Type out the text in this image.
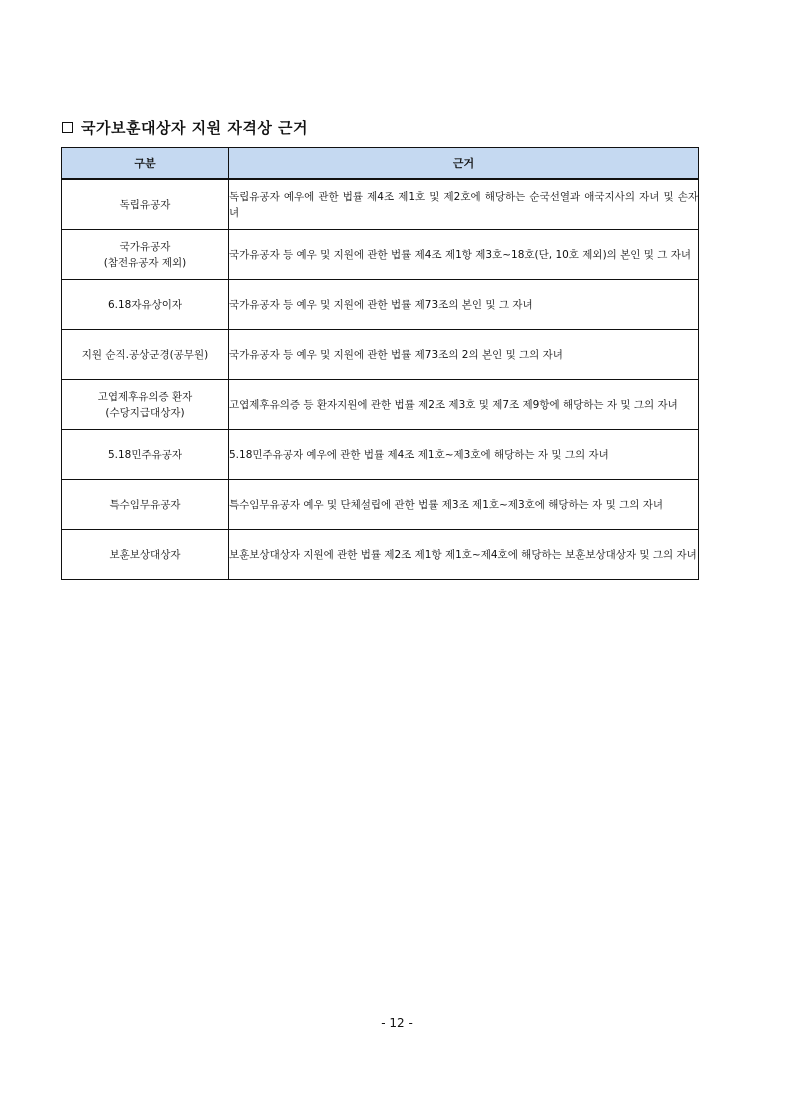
국가보훈대상자 지원 자격상 근거
구분	근거

독립유공자	독립유공자 예우에 관한 법률 제4조 제1호 및 제2호에 해당하는 순국선열과 애국지사의 자녀 및 손자녀

국가유공자
(참전유공자 제외)	국가유공자 등 예우 및 지원에 관한 법률 제4조 제1항 제3호~18호(단, 10호 제외)의 본인 및 그 자녀

6.18자유상이자	국가유공자 등 예우 및 지원에 관한 법률 제73조의 본인 및 그 자녀

지원 순직.공상군경(공무원)	국가유공자 등 예우 및 지원에 관한 법률 제73조의 2의 본인 및 그의 자녀

고엽제후유의증 환자
(수당지급대상자)	고엽제후유의증 등 환자지원에 관한 법률 제2조 제3호 및 제7조 제9항에 해당하는 자 및 그의 자녀

5.18민주유공자	5.18민주유공자 예우에 관한 법률 제4조 제1호~제3호에 해당하는 자 및 그의 자녀

특수임무유공자	특수임무유공자 예우 및 단체설립에 관한 법률 제3조 제1호~제3호에 해당하는 자 및 그의 자녀

보훈보상대상자	보훈보상대상자 지원에 관한 법률 제2조 제1항 제1호~제4호에 해당하는 보훈보상대상자 및 그의 자녀
- 12 -
